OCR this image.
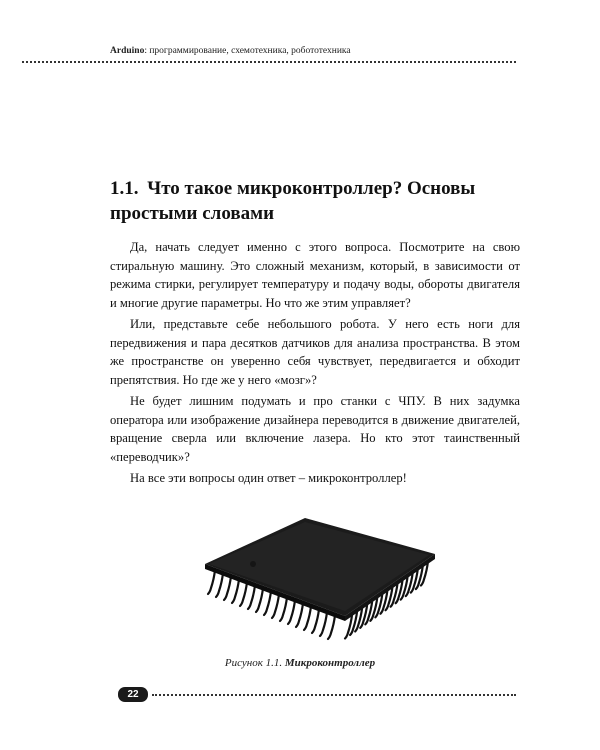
Arduino: программирование, схемотехника, робототехника
1.1. Что такое микроконтроллер? Основы простыми словами

Да, начать следует именно с этого вопроса. Посмотрите на свою стиральную машину. Это сложный механизм, который, в зависимости от режима стирки, регулирует температуру и подачу воды, обороты двигателя и многие другие параметры. Но что же этим управляет?

Или, представьте себе небольшого робота. У него есть ноги для передвижения и пара десятков датчиков для анализа пространства. В этом же пространстве он уверенно себя чувствует, передвигается и обходит препятствия. Но где же у него «мозг»?

Не будет лишним подумать и про станки с ЧПУ. В них задумка оператора или изображение дизайнера переводится в движение двигателей, вращение сверла или включение лазера. Но кто этот таинственный «переводчик»?

На все эти вопросы один ответ – микроконтроллер!

Рисунок 1.1. Микроконтроллер
22
